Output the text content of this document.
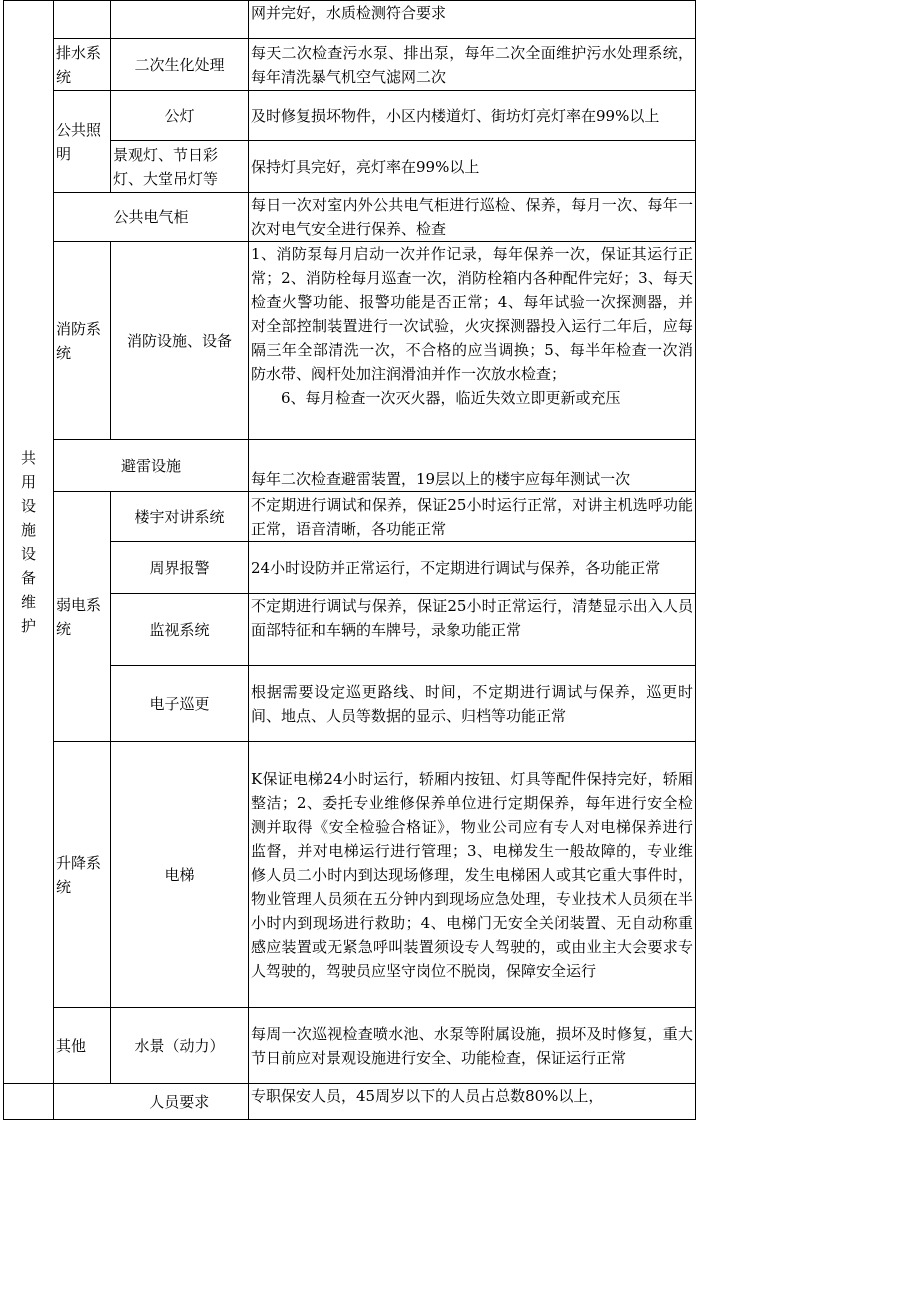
共用设施设备维护			网并完好，水质检测符合要求
	排水系统	二次生化处理	每天二次检查污水泵、排出泵，每年二次全面维护污水处理系统，每年清洗暴气机空气滤网二次
	公共照明	公灯	及时修复损坏物件，小区内楼道灯、街坊灯亮灯率在99%以上
		景观灯、节日彩灯、大堂吊灯等	保持灯具完好，亮灯率在99%以上
	公共电气柜		每日一次对室内外公共电气柜进行巡检、保养，每月一次、每年一次对电气安全进行保养、检查
	消防系统	消防设施、设备	1、消防泵每月启动一次并作记录，每年保养一次，保证其运行正常；2、消防栓每月巡查一次，消防栓箱内各种配件完好；3、每天检查火警功能、报警功能是否正常；4、每年试验一次探测器，并对全部控制装置进行一次试验，火灾探测器投入运行二年后，应每隔三年全部清洗一次，不合格的应当调换；5、每半年检查一次消防水带、阀杆处加注润滑油并作一次放水检查；
6、每月检查一次灭火器，临近失效立即更新或充压

	避雷设施		每年二次检查避雷装置，19层以上的楼宇应每年测试一次
	弱电系统	楼宇对讲系统	不定期进行调试和保养，保证25小时运行正常，对讲主机选呼功能正常，语音清晰，各功能正常
		周界报警	24小时设防并正常运行，不定期进行调试与保养，各功能正常
		监视系统	不定期进行调试与保养，保证25小时正常运行，清楚显示出入人员面部特征和车辆的车牌号，录象功能正常
		电子巡更	根据需要设定巡更路线、时间，不定期进行调试与保养，巡更时间、地点、人员等数据的显示、归档等功能正常
	升降系统	电梯	K保证电梯24小时运行，轿厢内按钮、灯具等配件保持完好，轿厢整洁；2、委托专业维修保养单位进行定期保养，每年进行安全检测并取得《安全检验合格证》，物业公司应有专人对电梯保养进行监督，并对电梯运行进行管理；3、电梯发生一般故障的，专业维修人员二小时内到达现场修理，发生电梯困人或其它重大事件时，物业管理人员须在五分钟内到现场应急处理，专业技术人员须在半小时内到现场进行救助；4、电梯门无安全关闭装置、无自动称重感应装置或无紧急呼叫装置须设专人驾驶的，或由业主大会要求专人驾驶的，驾驶员应坚守岗位不脱岗，保障安全运行
	其他	水景（动力）	每周一次巡视检查喷水池、水泵等附属设施，损坏及时修复，重大节日前应对景观设施进行安全、功能检查，保证运行正常
		人员要求	专职保安人员，45周岁以下的人员占总数80%以上，
